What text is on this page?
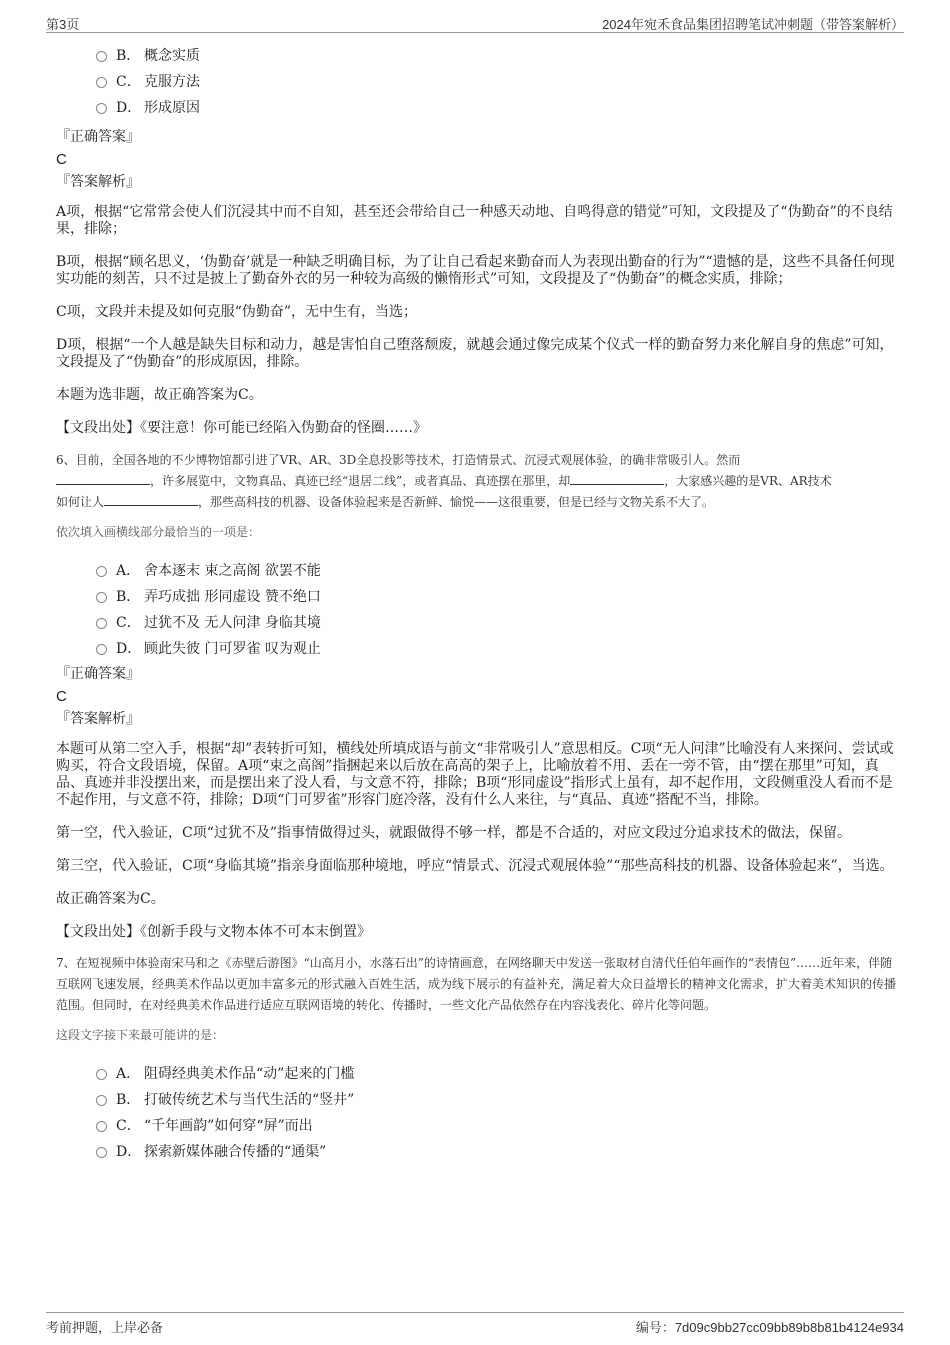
第3页	2024年宛禾食品集团招聘笔试冲刺题（带答案解析）
B． 概念实质
C． 克服方法
D． 形成原因
『正确答案』
C
『答案解析』

A项，根据“它常常会使人们沉浸其中而不自知，甚至还会带给自己一种感天动地、自鸣得意的错觉”可知，文段提及了“伪勤奋”的不良结果，排除；

B项，根据“顾名思义，‘伪勤奋’就是一种缺乏明确目标，为了让自己看起来勤奋而人为表现出勤奋的行为”“遗憾的是，这些不具备任何现实功能的刻苦，只不过是披上了勤奋外衣的另一种较为高级的懒惰形式”可知，文段提及了“伪勤奋”的概念实质，排除；

C项，文段并未提及如何克服“伪勤奋”，无中生有，当选；

D项，根据“一个人越是缺失目标和动力，越是害怕自己堕落颓废，就越会通过像完成某个仪式一样的勤奋努力来化解自身的焦虑”可知，文段提及了“伪勤奋”的形成原因，排除。

本题为选非题，故正确答案为C。

【文段出处】《要注意！你可能已经陷入伪勤奋的怪圈……》

6、目前，全国各地的不少博物馆都引进了VR、AR、3D全息投影等技术，打造情景式、沉浸式观展体验，的确非常吸引人。然而
，许多展览中，文物真品、真迹已经“退居二线”，或者真品、真迹摆在那里，却	，大家感兴趣的是VR、AR技术
如何让人	，那些高科技的机器、设备体验起来是否新鲜、愉悦——这很重要，但是已经与文物关系不大了。

依次填入画横线部分最恰当的一项是：

A． 舍本逐末 束之高阁 欲罢不能
B． 弄巧成拙 形同虚设 赞不绝口
C． 过犹不及 无人问津 身临其境
D． 顾此失彼 门可罗雀 叹为观止
『正确答案』
C
『答案解析』

本题可从第二空入手，根据“却”表转折可知，横线处所填成语与前文“非常吸引人”意思相反。C项“无人问津”比喻没有人来探问、尝试或购买，符合文段语境，保留。A项“束之高阁”指捆起来以后放在高高的架子上，比喻放着不用、丢在一旁不管，由“摆在那里”可知，真品、真迹并非没摆出来，而是摆出来了没人看，与文意不符，排除；B项“形同虚设”指形式上虽有，却不起作用，文段侧重没人看而不是不起作用，与文意不符，排除；D项“门可罗雀”形容门庭冷落，没有什么人来往，与“真品、真迹”搭配不当，排除。

第一空，代入验证，C项“过犹不及”指事情做得过头，就跟做得不够一样，都是不合适的，对应文段过分追求技术的做法，保留。

第三空，代入验证，C项“身临其境”指亲身面临那种境地，呼应“情景式、沉浸式观展体验”“那些高科技的机器、设备体验起来”，当选。

故正确答案为C。

【文段出处】《创新手段与文物本体不可本末倒置》

7、在短视频中体验南宋马和之《赤壁后游图》“山高月小，水落石出”的诗情画意，在网络聊天中发送一张取材自清代任伯年画作的“表情包”……近年来，伴随互联网飞速发展，经典美术作品以更加丰富多元的形式融入百姓生活，成为线下展示的有益补充，满足着大众日益增长的精神文化需求，扩大着美术知识的传播范围。但同时，在对经典美术作品进行适应互联网语境的转化、传播时，一些文化产品依然存在内容浅表化、碎片化等问题。

这段文字接下来最可能讲的是：

A． 阻碍经典美术作品“动”起来的门槛
B． 打破传统艺术与当代生活的“竖井”
C． “千年画韵”如何穿“屏”而出
D． 探索新媒体融合传播的“通渠”
考前押题，上岸必备	编号：7d09c9bb27cc09bb89b8b81b4124e934
